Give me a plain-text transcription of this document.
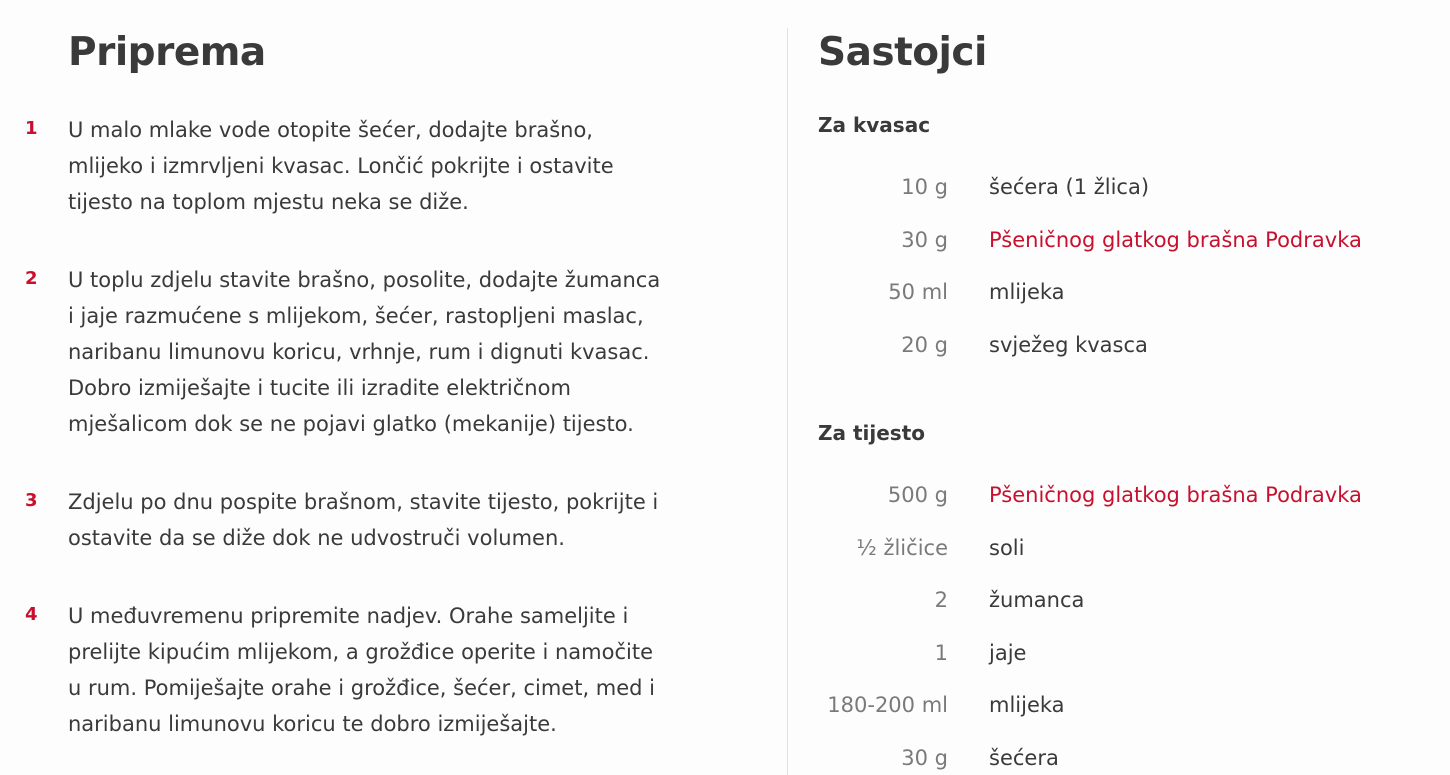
Priprema
1 U malo mlake vode otopite šećer, dodajte brašno, mlijeko i izmrvljeni kvasac. Lončić pokrijte i ostavite tijesto na toplom mjestu neka se diže.
2 U toplu zdjelu stavite brašno, posolite, dodajte žumanca i jaje razmućene s mlijekom, šećer, rastopljeni maslac, naribanu limunovu koricu, vrhnje, rum i dignuti kvasac. Dobro izmiješajte i tucite ili izradite električnom mješalicom dok se ne pojavi glatko (mekanije) tijesto.
3 Zdjelu po dnu pospite brašnom, stavite tijesto, pokrijte i ostavite da se diže dok ne udvostruči volumen.
4 U međuvremenu pripremite nadjev. Orahe sameljite i prelijte kipućim mlijekom, a grožđice operite i namočite u rum. Pomiješajte orahe i grožđice, šećer, cimet, med i naribanu limunovu koricu te dobro izmiješajte.
Sastojci
Za kvasac
10 g šećera (1 žlica)
30 g Pšeničnog glatkog brašna Podravka
50 ml mlijeka
20 g svježeg kvasca
Za tijesto
500 g Pšeničnog glatkog brašna Podravka
½ žličice soli
2 žumanca
1 jaje
180-200 ml mlijeka
30 g šećera
